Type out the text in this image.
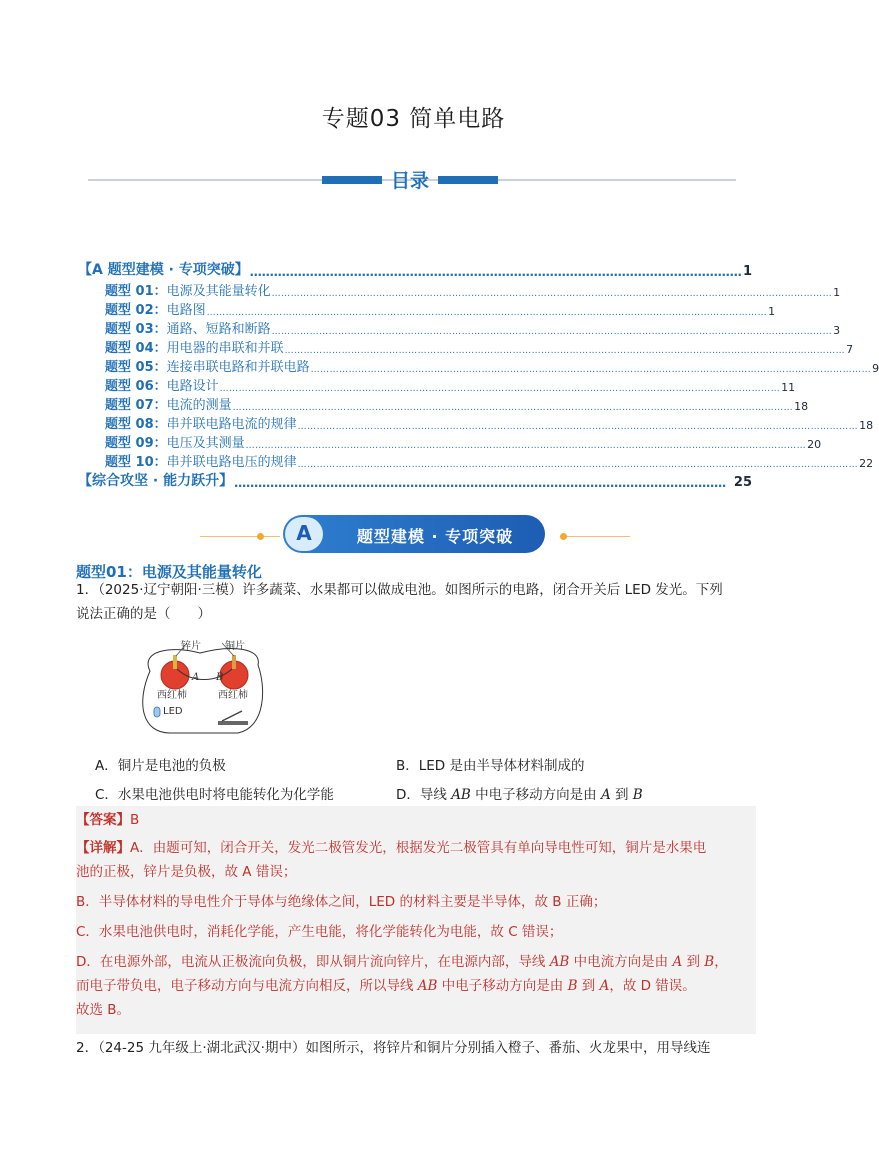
专题03 简单电路
目录
【A 题型建模 · 专项突破】 …………………………………………………………………………………………………………… 1
题型 01：电源及其能量转化 …………………………………………………………………………………………………………………………………………………………… 1
题型 02：电路图 …………………………………………………………………………………………………………………………………………………………… 1
题型 03：通路、短路和断路 …………………………………………………………………………………………………………………………………………………………… 3
题型 04：用电器的串联和并联 …………………………………………………………………………………………………………………………………………………………… 7
题型 05：连接串联电路和并联电路 …………………………………………………………………………………………………………………………………………………………… 9
题型 06：电路设计 …………………………………………………………………………………………………………………………………………………………… 11
题型 07：电流的测量 …………………………………………………………………………………………………………………………………………………………… 18
题型 08：串并联电路电流的规律 …………………………………………………………………………………………………………………………………………………………… 18
题型 09：电压及其测量 …………………………………………………………………………………………………………………………………………………………… 20
题型 10：串并联电路电压的规律 …………………………………………………………………………………………………………………………………………………………… 22
【综合攻坚 · 能力跃升】 …………………………………………………………………………………………………………… 25
A	题型建模 · 专项突破
题型01：电源及其能量转化
1．（2025·辽宁朝阳·三模）许多蔬菜、水果都可以做成电池。如图所示的电路，闭合开关后 LED 发光。下列
说法正确的是（　　）
锌片 铜片
西红柿	西红柿
A B
LED
A．铜片是电池的负极	B．LED 是由半导体材料制成的
C．水果电池供电时将电能转化为化学能	D．导线 AB 中电子移动方向是由 A 到 B
【答案】B
【详解】A．由题可知，闭合开关，发光二极管发光，根据发光二极管具有单向导电性可知，铜片是水果电
池的正极，锌片是负极，故 A 错误；
B．半导体材料的导电性介于导体与绝缘体之间，LED 的材料主要是半导体，故 B 正确；
C．水果电池供电时，消耗化学能，产生电能，将化学能转化为电能，故 C 错误；
D．在电源外部，电流从正极流向负极，即从铜片流向锌片，在电源内部，导线 AB 中电流方向是由 A 到 B，
而电子带负电，电子移动方向与电流方向相反，所以导线 AB 中电子移动方向是由 B 到 A，故 D 错误。
故选 B。
2．（24-25 九年级上·湖北武汉·期中）如图所示，将锌片和铜片分别插入橙子、番茄、火龙果中，用导线连
